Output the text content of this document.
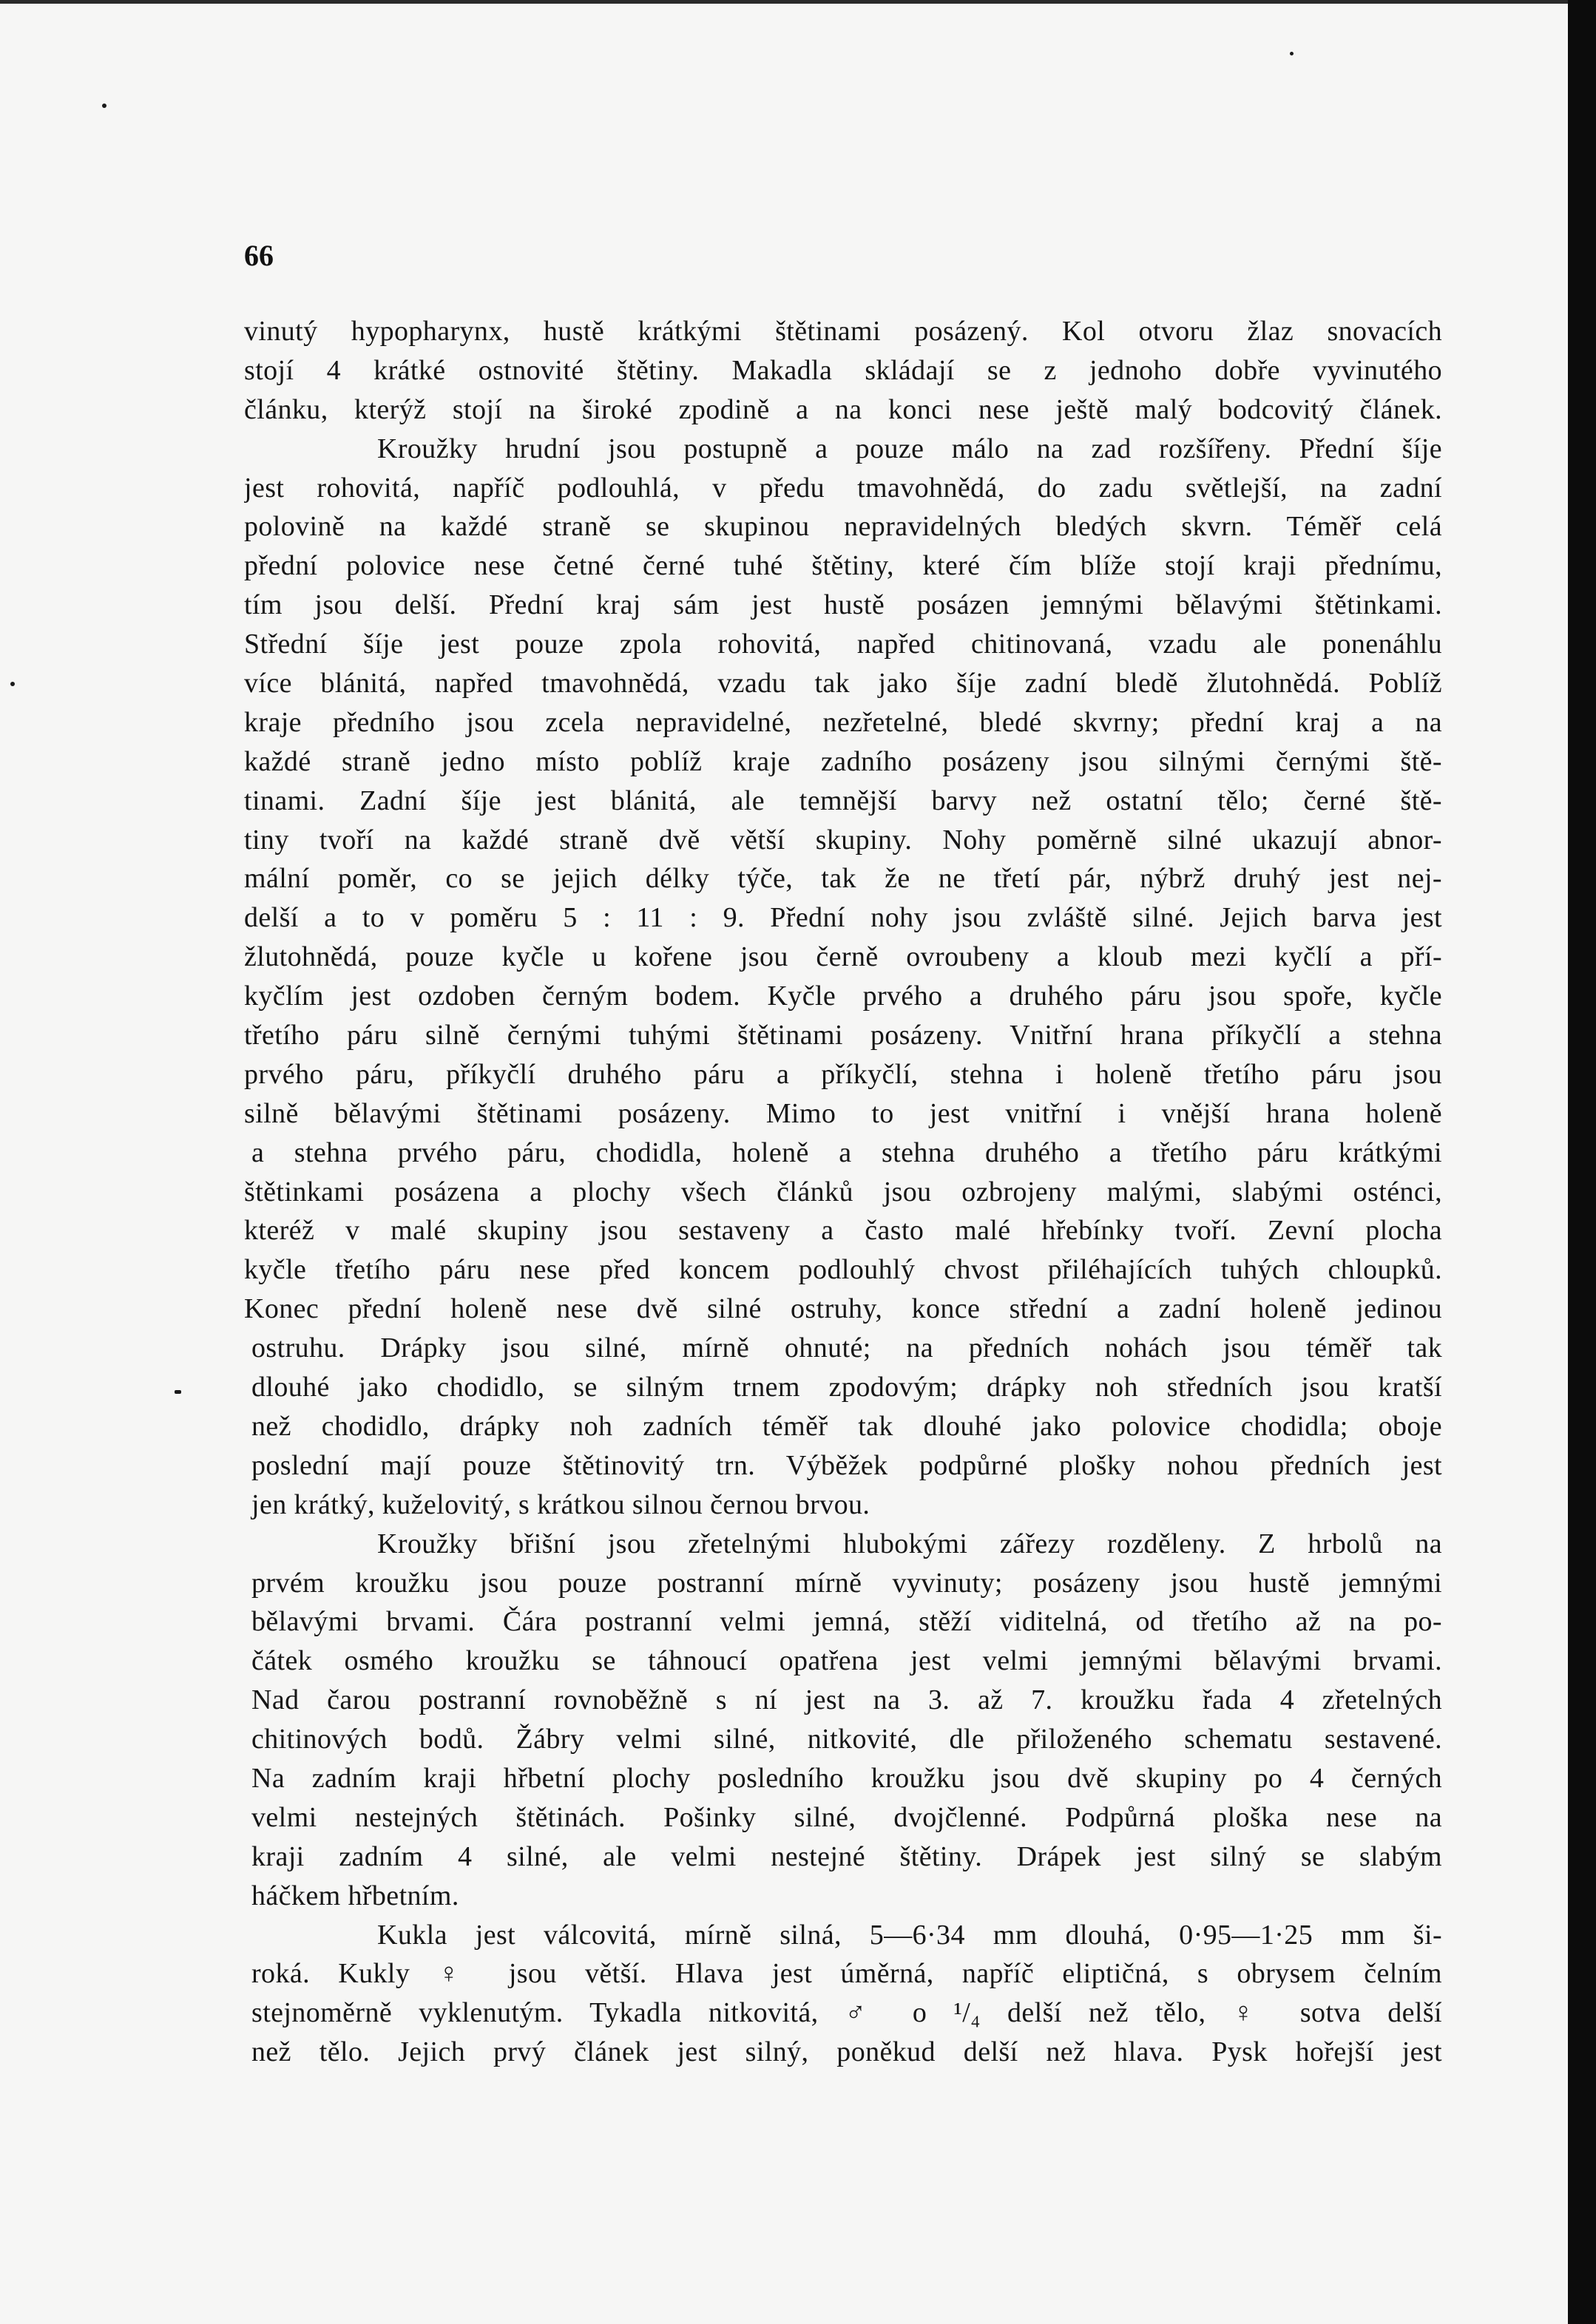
66
vinutý hypopharynx, hustě krátkými štětinami posázený. Kol otvoru žlaz snovacích
stojí 4 krátké ostnovité štětiny. Makadla skládají se z jednoho dobře vyvinutého
článku, kterýž stojí na široké zpodině a na konci nese ještě malý bodcovitý článek.
Kroužky hrudní jsou postupně a pouze málo na zad rozšířeny. Přední šíje
jest rohovitá, napříč podlouhlá, v předu tmavohnědá, do zadu světlejší, na zadní
polovině na každé straně se skupinou nepravidelných bledých skvrn. Téměř celá
přední polovice nese četné černé tuhé štětiny, které čím blíže stojí kraji přednímu,
tím jsou delší. Přední kraj sám jest hustě posázen jemnými bělavými štětinkami.
Střední šíje jest pouze zpola rohovitá, napřed chitinovaná, vzadu ale ponenáhlu
více blánitá, napřed tmavohnědá, vzadu tak jako šíje zadní bledě žlutohnědá. Poblíž
kraje předního jsou zcela nepravidelné, nezřetelné, bledé skvrny; přední kraj a na
každé straně jedno místo poblíž kraje zadního posázeny jsou silnými černými ště-
tinami. Zadní šíje jest blánitá, ale temnější barvy než ostatní tělo; černé ště-
tiny tvoří na každé straně dvě větší skupiny. Nohy poměrně silné ukazují abnor-
mální poměr, co se jejich délky týče, tak že ne třetí pár, nýbrž druhý jest nej-
delší a to v poměru 5 : 11 : 9. Přední nohy jsou zvláště silné. Jejich barva jest
žlutohnědá, pouze kyčle u kořene jsou černě ovroubeny a kloub mezi kyčlí a pří-
kyčlím jest ozdoben černým bodem. Kyčle prvého a druhého páru jsou spoře, kyčle
třetího páru silně černými tuhými štětinami posázeny. Vnitřní hrana příkyčlí a stehna
prvého páru, příkyčlí druhého páru a příkyčlí, stehna i holeně třetího páru jsou
silně bělavými štětinami posázeny. Mimo to jest vnitřní i vnější hrana holeně
a stehna prvého páru, chodidla, holeně a stehna druhého a třetího páru krátkými
štětinkami posázena a plochy všech článků jsou ozbrojeny malými, slabými osténci,
kteréž v malé skupiny jsou sestaveny a často malé hřebínky tvoří. Zevní plocha
kyčle třetího páru nese před koncem podlouhlý chvost přiléhajících tuhých chloupků.
Konec přední holeně nese dvě silné ostruhy, konce střední a zadní holeně jedinou
ostruhu. Drápky jsou silné, mírně ohnuté; na předních nohách jsou téměř tak
dlouhé jako chodidlo, se silným trnem zpodovým; drápky noh středních jsou kratší
než chodidlo, drápky noh zadních téměř tak dlouhé jako polovice chodidla; oboje
poslední mají pouze štětinovitý trn. Výběžek podpůrné plošky nohou předních jest
jen krátký, kuželovitý, s krátkou silnou černou brvou.
Kroužky břišní jsou zřetelnými hlubokými zářezy rozděleny. Z hrbolů na
prvém kroužku jsou pouze postranní mírně vyvinuty; posázeny jsou hustě jemnými
bělavými brvami. Čára postranní velmi jemná, stěží viditelná, od třetího až na po-
čátek osmého kroužku se táhnoucí opatřena jest velmi jemnými bělavými brvami.
Nad čarou postranní rovnoběžně s ní jest na 3. až 7. kroužku řada 4 zřetelných
chitinových bodů. Žábry velmi silné, nitkovité, dle přiloženého schematu sestavené.
Na zadním kraji hřbetní plochy posledního kroužku jsou dvě skupiny po 4 černých
velmi nestejných štětinách. Pošinky silné, dvojčlenné. Podpůrná ploška nese na
kraji zadním 4 silné, ale velmi nestejné štětiny. Drápek jest silný se slabým
háčkem hřbetním.
Kukla jest válcovitá, mírně silná, 5—6·34 mm dlouhá, 0·95—1·25 mm ši-
roká. Kukly ♀ jsou větší. Hlava jest úměrná, napříč eliptičná, s obrysem čelním
stejnoměrně vyklenutým. Tykadla nitkovitá, ♂ o ¹/₄ delší než tělo, ♀ sotva delší
než tělo. Jejich prvý článek jest silný, poněkud delší než hlava. Pysk hořejší jest
